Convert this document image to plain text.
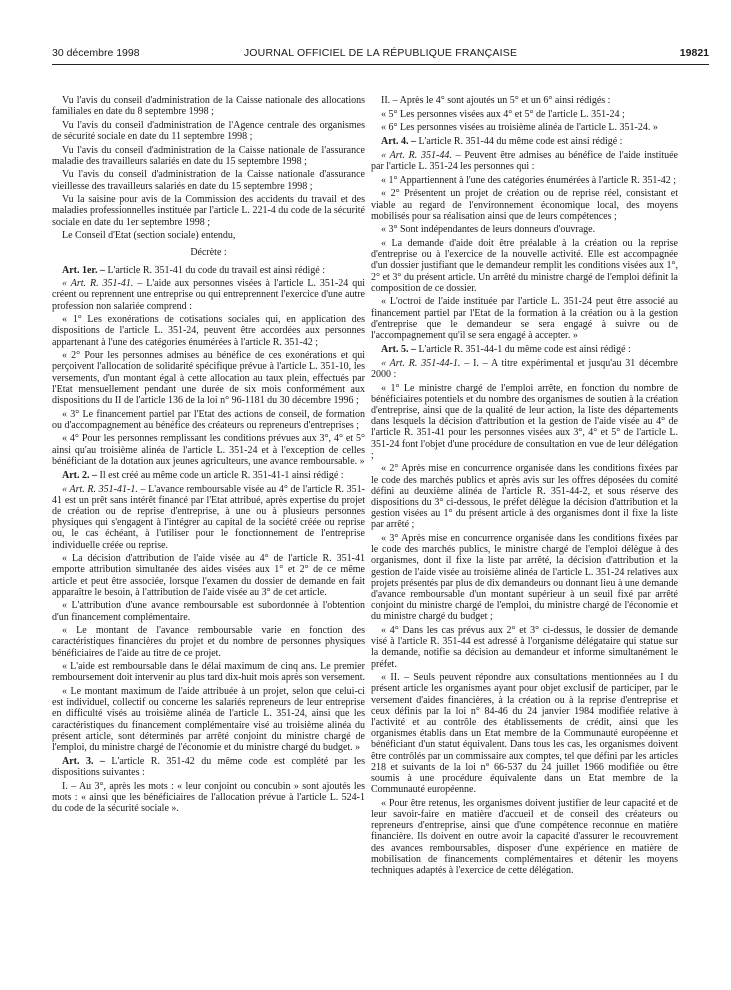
30 décembre 1998	JOURNAL OFFICIEL DE LA RÉPUBLIQUE FRANÇAISE	19821

Vu l'avis du conseil d'administration de la Caisse nationale des allocations familiales en date du 8 septembre 1998 ;

Vu l'avis du conseil d'administration de l'Agence centrale des organismes de sécurité sociale en date du 11 septembre 1998 ;

Vu l'avis du conseil d'administration de la Caisse nationale de l'assurance maladie des travailleurs salariés en date du 15 septembre 1998 ;

Vu l'avis du conseil d'administration de la Caisse nationale d'assurance vieillesse des travailleurs salariés en date du 15 septembre 1998 ;

Vu la saisine pour avis de la Commission des accidents du travail et des maladies professionnelles instituée par l'article L. 221-4 du code de la sécurité sociale en date du 1er septembre 1998 ;

Le Conseil d'Etat (section sociale) entendu,

Décrète :

Art. 1er. – L'article R. 351-41 du code du travail est ainsi rédigé :

« Art. R. 351-41. – L'aide aux personnes visées à l'article L. 351-24 qui créent ou reprennent une entreprise ou qui entreprennent l'exercice d'une autre profession non salariée comprend :

« 1° Les exonérations de cotisations sociales qui, en application des dispositions de l'article L. 351-24, peuvent être accordées aux personnes appartenant à l'une des catégories énumérées à l'article R. 351-42 ;

« 2° Pour les personnes admises au bénéfice de ces exonérations et qui perçoivent l'allocation de solidarité spécifique prévue à l'article L. 351-10, les versements, d'un montant égal à cette allocation au taux plein, effectués par l'Etat mensuellement pendant une durée de six mois conformément aux dispositions du II de l'article 136 de la loi n° 96-1181 du 30 décembre 1996 ;

« 3° Le financement partiel par l'Etat des actions de conseil, de formation ou d'accompagnement au bénéfice des créateurs ou repreneurs d'entreprises ;

« 4° Pour les personnes remplissant les conditions prévues aux 3°, 4° et 5° ainsi qu'au troisième alinéa de l'article L. 351-24 et à l'exception de celles bénéficiant de la dotation aux jeunes agriculteurs, une avance remboursable. »

Art. 2. – Il est créé au même code un article R. 351-41-1 ainsi rédigé :

« Art. R. 351-41-1. – L'avance remboursable visée au 4° de l'article R. 351-41 est un prêt sans intérêt financé par l'Etat attribué, après expertise du projet de création ou de reprise d'entreprise, à une ou à plusieurs personnes physiques qui s'engagent à l'intégrer au capital de la société créée ou reprise ou, le cas échéant, à l'utiliser pour le fonctionnement de l'entreprise individuelle créée ou reprise.

« La décision d'attribution de l'aide visée au 4° de l'article R. 351-41 emporte attribution simultanée des aides visées aux 1° et 2° de ce même article et peut être associée, lorsque l'examen du dossier de demande en fait apparaître le besoin, à l'attribution de l'aide visée au 3° de cet article.

« L'attribution d'une avance remboursable est subordonnée à l'obtention d'un financement complémentaire.

« Le montant de l'avance remboursable varie en fonction des caractéristiques financières du projet et du nombre de personnes physiques bénéficiaires de l'aide au titre de ce projet.

« L'aide est remboursable dans le délai maximum de cinq ans. Le premier remboursement doit intervenir au plus tard dix-huit mois après son versement.

« Le montant maximum de l'aide attribuée à un projet, selon que celui-ci est individuel, collectif ou concerne les salariés repreneurs de leur entreprise en difficulté visés au troisième alinéa de l'article L. 351-24, ainsi que les caractéristiques du financement complémentaire visé au troisième alinéa du présent article, sont déterminés par arrêté conjoint du ministre chargé de l'emploi, du ministre chargé de l'économie et du ministre chargé du budget. »

Art. 3. – L'article R. 351-42 du même code est complété par les dispositions suivantes :

I. – Au 3°, après les mots : « leur conjoint ou concubin » sont ajoutés les mots : « ainsi que les bénéficiaires de l'allocation prévue à l'article L. 524-1 du code de la sécurité sociale ».

II. – Après le 4° sont ajoutés un 5° et un 6° ainsi rédigés :

« 5° Les personnes visées aux 4° et 5° de l'article L. 351-24 ;

« 6° Les personnes visées au troisième alinéa de l'article L. 351-24. »

Art. 4. – L'article R. 351-44 du même code est ainsi rédigé :

« Art. R. 351-44. – Peuvent être admises au bénéfice de l'aide instituée par l'article L. 351-24 les personnes qui :

« 1° Appartiennent à l'une des catégories énumérées à l'article R. 351-42 ;

« 2° Présentent un projet de création ou de reprise réel, consistant et viable au regard de l'environnement économique local, des moyens mobilisés pour sa réalisation ainsi que de leurs compétences ;

« 3° Sont indépendantes de leurs donneurs d'ouvrage.

« La demande d'aide doit être préalable à la création ou la reprise d'entreprise ou à l'exercice de la nouvelle activité. Elle est accompagnée d'un dossier justifiant que le demandeur remplit les conditions visées aux 1°, 2° et 3° du présent article. Un arrêté du ministre chargé de l'emploi définit la composition de ce dossier.

« L'octroi de l'aide instituée par l'article L. 351-24 peut être associé au financement partiel par l'Etat de la formation à la création ou à la gestion d'entreprise que le demandeur se sera engagé à suivre ou de l'accompagnement qu'il se sera engagé à accepter. »

Art. 5. – L'article R. 351-44-1 du même code est ainsi rédigé :

« Art. R. 351-44-1. – I. – A titre expérimental et jusqu'au 31 décembre 2000 :

« 1° Le ministre chargé de l'emploi arrête, en fonction du nombre de bénéficiaires potentiels et du nombre des organismes de soutien à la création d'entreprise, ainsi que de la qualité de leur action, la liste des départements dans lesquels la décision d'attribution et la gestion de l'aide visée au 4° de l'article R. 351-41 pour les personnes visées aux 3°, 4° et 5° de l'article L. 351-24 font l'objet d'une procédure de consultation en vue de leur délégation ;

« 2° Après mise en concurrence organisée dans les conditions fixées par le code des marchés publics et après avis sur les offres déposées du comité défini au deuxième alinéa de l'article R. 351-44-2, et sous réserve des dispositions du 3° ci-dessous, le préfet délègue la décision d'attribution et la gestion visées au 1° du présent article à des organismes dont il fixe la liste par arrêté ;

« 3° Après mise en concurrence organisée dans les conditions fixées par le code des marchés publics, le ministre chargé de l'emploi délègue à des organismes, dont il fixe la liste par arrêté, la décision d'attribution et la gestion de l'aide visée au troisième alinéa de l'article L. 351-24 relatives aux projets présentés par plus de dix demandeurs ou donnant lieu à une demande d'avance remboursable d'un montant supérieur à un seuil fixé par arrêté conjoint du ministre chargé de l'emploi, du ministre chargé de l'économie et du ministre chargé du budget ;

« 4° Dans les cas prévus aux 2° et 3° ci-dessus, le dossier de demande visé à l'article R. 351-44 est adressé à l'organisme délégataire qui statue sur la demande, notifie sa décision au demandeur et informe simultanément le préfet.

« II. – Seuls peuvent répondre aux consultations mentionnées au I du présent article les organismes ayant pour objet exclusif de participer, par le versement d'aides financières, à la création ou à la reprise d'entreprise et ceux définis par la loi n° 84-46 du 24 janvier 1984 modifiée relative à l'activité et au contrôle des établissements de crédit, ainsi que les organismes établis dans un Etat membre de la Communauté européenne et bénéficiant d'un statut équivalent. Dans tous les cas, les organismes doivent être contrôlés par un commissaire aux comptes, tel que défini par les articles 218 et suivants de la loi n° 66-537 du 24 juillet 1966 modifiée ou être soumis à une procédure équivalente dans un Etat membre de la Communauté européenne.

« Pour être retenus, les organismes doivent justifier de leur capacité et de leur savoir-faire en matière d'accueil et de conseil des créateurs ou repreneurs d'entreprise, ainsi que d'une compétence reconnue en matière financière. Ils doivent en outre avoir la capacité d'assurer le recouvrement des avances remboursables, disposer d'une expérience en matière de mobilisation de financements complémentaires et détenir les moyens techniques adaptés à l'exercice de cette délégation.
